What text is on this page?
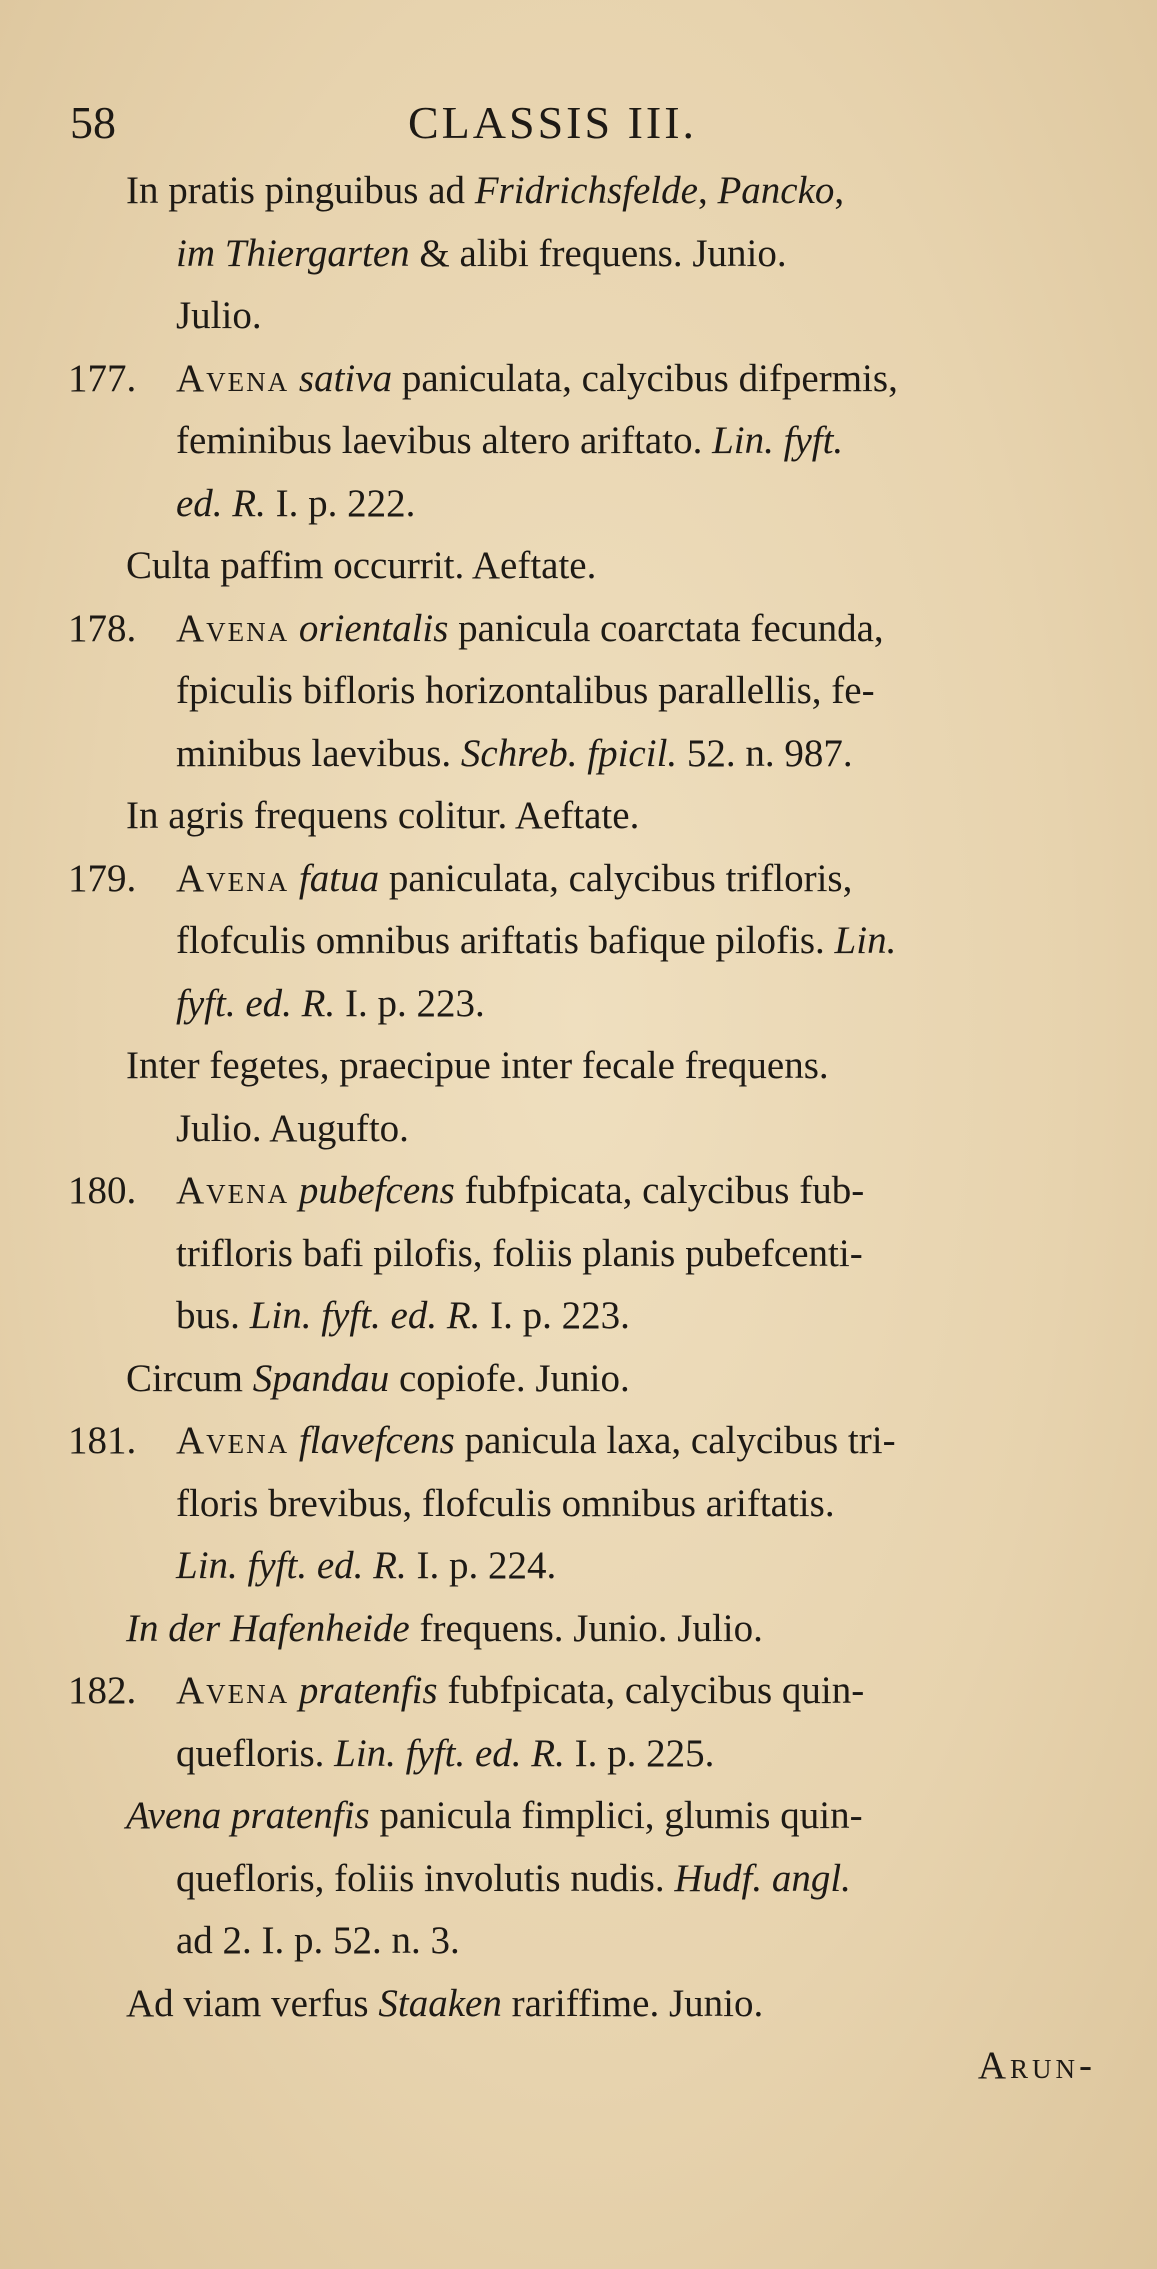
58	CLASSIS III.
In pratis pinguibus ad Fridrichsfelde, Pancko,
im Thiergarten & alibi frequens. Junio.
Julio.
177. Avena sativa paniculata, calycibus difpermis,
feminibus laevibus altero ariftato. Lin. fyft.
ed. R. I. p. 222.
Culta paffim occurrit. Aeftate.
178. Avena orientalis panicula coarctata fecunda,
fpiculis bifloris horizontalibus parallellis, fe-
minibus laevibus. Schreb. fpicil. 52. n. 987.
In agris frequens colitur. Aeftate.
179. Avena fatua paniculata, calycibus trifloris,
flofculis omnibus ariftatis bafique pilofis. Lin.
fyft. ed. R. I. p. 223.
Inter fegetes, praecipue inter fecale frequens.
Julio. Augufto.
180. Avena pubefcens fubfpicata, calycibus fub-
trifloris bafi pilofis, foliis planis pubefcenti-
bus. Lin. fyft. ed. R. I. p. 223.
Circum Spandau copiofe. Junio.
181. Avena flavefcens panicula laxa, calycibus tri-
floris brevibus, flofculis omnibus ariftatis.
Lin. fyft. ed. R. I. p. 224.
In der Hafenheide frequens. Junio. Julio.
182. Avena pratenfis fubfpicata, calycibus quin-
quefloris. Lin. fyft. ed. R. I. p. 225.
Avena pratenfis panicula fimplici, glumis quin-
quefloris, foliis involutis nudis. Hudf. angl.
ad 2. I. p. 52. n. 3.
Ad viam verfus Staaken rariffime. Junio.
Arun-
